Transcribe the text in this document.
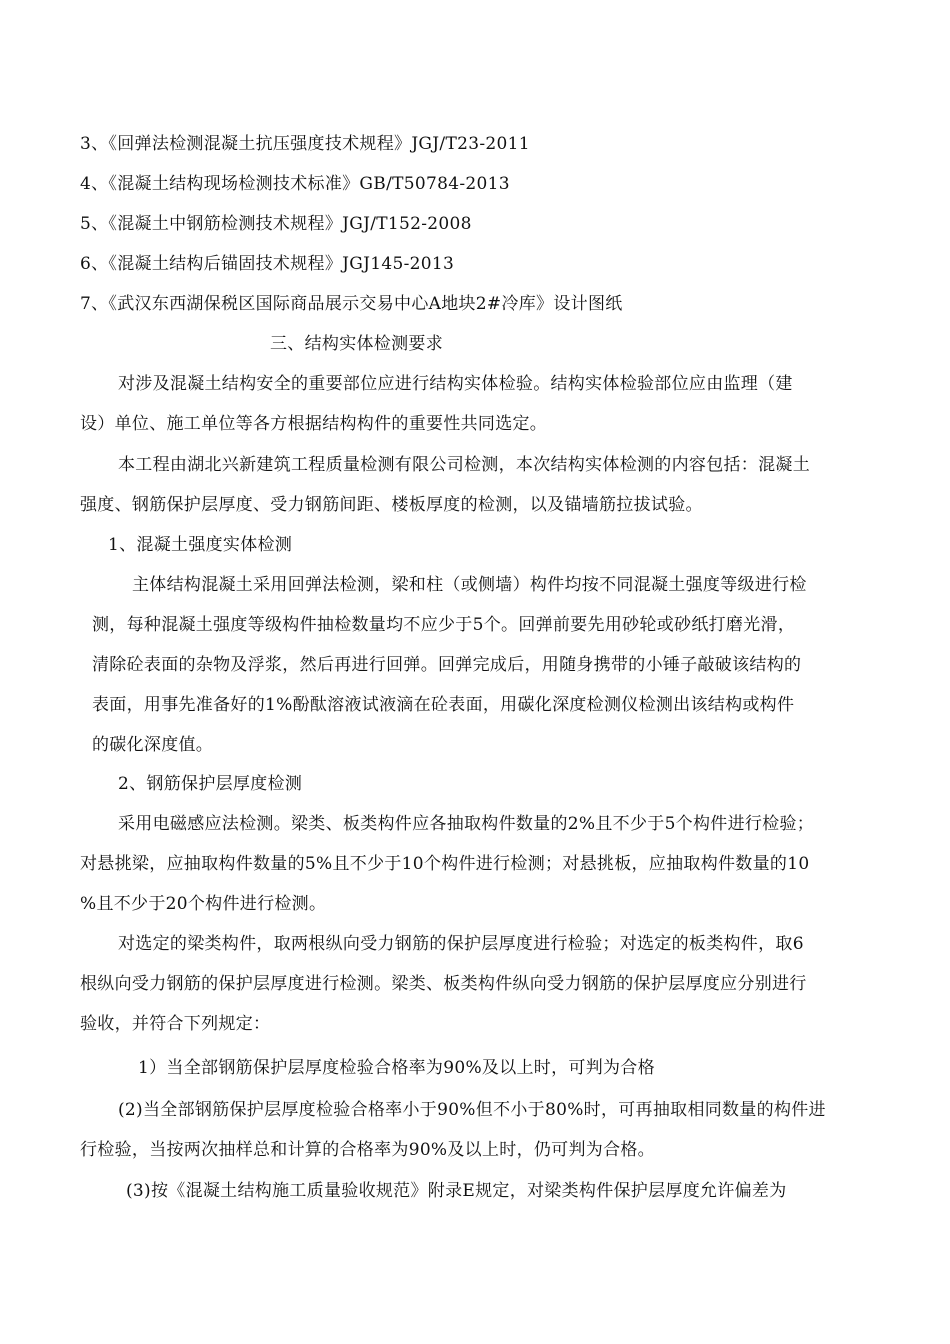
3、《回弹法检测混凝土抗压强度技术规程》JGJ/T23-2011
4、《混凝土结构现场检测技术标准》GB/T50784-2013
5、《混凝土中钢筋检测技术规程》JGJ/T152-2008
6、《混凝土结构后锚固技术规程》JGJ145-2013
7、《武汉东西湖保税区国际商品展示交易中心A地块2#冷库》设计图纸
三、结构实体检测要求
对涉及混凝土结构安全的重要部位应进行结构实体检验。结构实体检验部位应由监理（建
设）单位、施工单位等各方根据结构构件的重要性共同选定。
本工程由湖北兴新建筑工程质量检测有限公司检测，本次结构实体检测的内容包括：混凝土
强度、钢筋保护层厚度、受力钢筋间距、楼板厚度的检测，以及锚墙筋拉拔试验。
1、混凝土强度实体检测
主体结构混凝土采用回弹法检测，梁和柱（或侧墙）构件均按不同混凝土强度等级进行检
测，每种混凝土强度等级构件抽检数量均不应少于5个。回弹前要先用砂轮或砂纸打磨光滑，
清除砼表面的杂物及浮浆，然后再进行回弹。回弹完成后，用随身携带的小锤子敲破该结构的
表面，用事先准备好的1%酚酞溶液试液滴在砼表面，用碳化深度检测仪检测出该结构或构件
的碳化深度值。
2、钢筋保护层厚度检测
采用电磁感应法检测。梁类、板类构件应各抽取构件数量的2%且不少于5个构件进行检验；
对悬挑梁，应抽取构件数量的5%且不少于10个构件进行检测；对悬挑板，应抽取构件数量的10
%且不少于20个构件进行检测。
对选定的梁类构件，取两根纵向受力钢筋的保护层厚度进行检验；对选定的板类构件，取6
根纵向受力钢筋的保护层厚度进行检测。梁类、板类构件纵向受力钢筋的保护层厚度应分别进行
验收，并符合下列规定：
1）当全部钢筋保护层厚度检验合格率为90%及以上时，可判为合格
(2)当全部钢筋保护层厚度检验合格率小于90%但不小于80%时，可再抽取相同数量的构件进
行检验，当按两次抽样总和计算的合格率为90%及以上时，仍可判为合格。
(3)按《混凝土结构施工质量验收规范》附录E规定，对梁类构件保护层厚度允许偏差为
